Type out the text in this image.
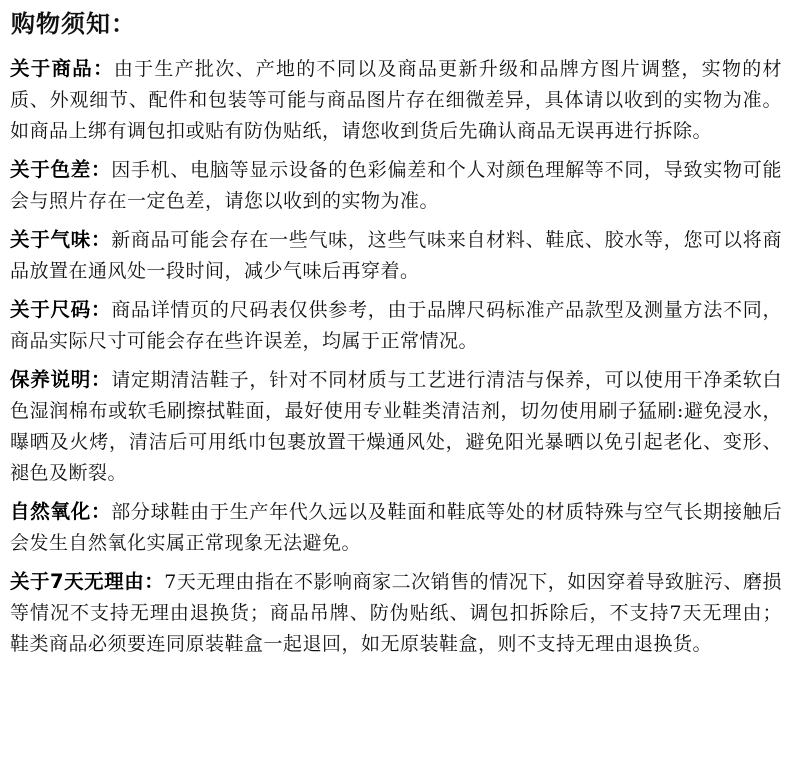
购物须知：

关于商品：由于生产批次、产地的不同以及商品更新升级和品牌方图片调整，实物的材质、外观细节、配件和包装等可能与商品图片存在细微差异，具体请以收到的实物为准。如商品上绑有调包扣或贴有防伪贴纸，请您收到货后先确认商品无误再进行拆除。

关于色差：因手机、电脑等显示设备的色彩偏差和个人对颜色理解等不同，导致实物可能会与照片存在一定色差，请您以收到的实物为准。

关于气味：新商品可能会存在一些气味，这些气味来自材料、鞋底、胶水等，您可以将商品放置在通风处一段时间，减少气味后再穿着。

关于尺码：商品详情页的尺码表仅供参考，由于品牌尺码标准产品款型及测量方法不同，商品实际尺寸可能会存在些许误差，均属于正常情况。

保养说明：请定期清洁鞋子，针对不同材质与工艺进行清洁与保养，可以使用干净柔软白色湿润棉布或软毛刷擦拭鞋面，最好使用专业鞋类清洁剂，切勿使用刷子猛刷:避免浸水，曝晒及火烤，清洁后可用纸巾包裹放置干燥通风处，避免阳光暴晒以免引起老化、变形、褪色及断裂。

自然氧化：部分球鞋由于生产年代久远以及鞋面和鞋底等处的材质特殊与空气长期接触后会发生自然氧化实属正常现象无法避免。

关于7天无理由：7天无理由指在不影响商家二次销售的情况下，如因穿着导致脏污、磨损等情况不支持无理由退换货；商品吊牌、防伪贴纸、调包扣拆除后，不支持7天无理由；鞋类商品必须要连同原装鞋盒一起退回，如无原装鞋盒，则不支持无理由退换货。
